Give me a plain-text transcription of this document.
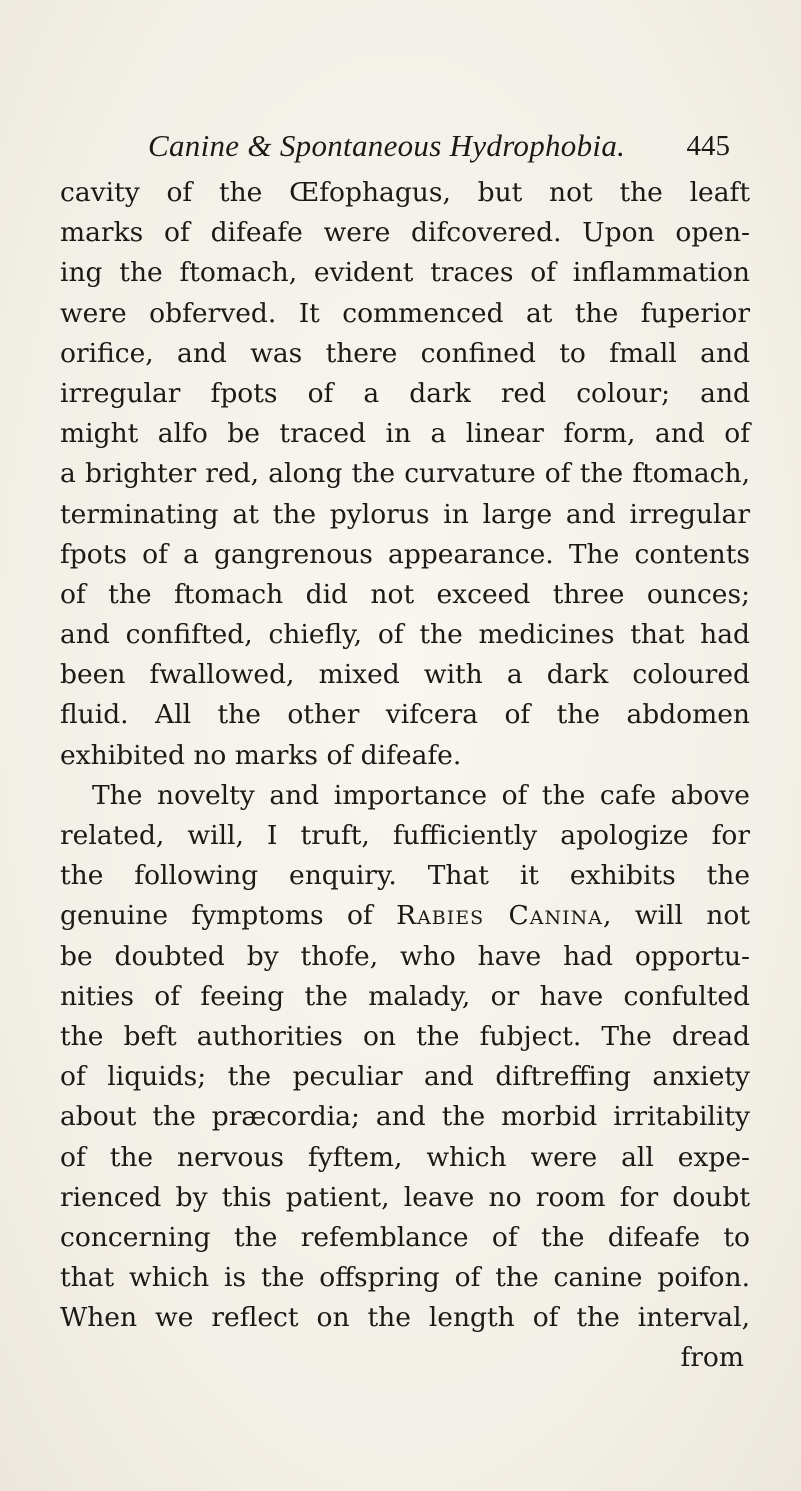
Canine & Spontaneous Hydrophobia. 445
cavity of the Œfophagus, but not the leaft
marks of difeafe were difcovered. Upon open-
ing the ftomach, evident traces of inflammation
were obferved. It commenced at the fuperior
orifice, and was there confined to fmall and
irregular fpots of a dark red colour; and
might alfo be traced in a linear form, and of
a brighter red, along the curvature of the ftomach,
terminating at the pylorus in large and irregular
fpots of a gangrenous appearance. The contents
of the ftomach did not exceed three ounces;
and confifted, chiefly, of the medicines that had
been fwallowed, mixed with a dark coloured
fluid. All the other vifcera of the abdomen
exhibited no marks of difeafe.
The novelty and importance of the cafe above
related, will, I truft, fufficiently apologize for
the following enquiry. That it exhibits the
genuine fymptoms of Rabies Canina, will not
be doubted by thofe, who have had opportu-
nities of feeing the malady, or have confulted
the beft authorities on the fubject. The dread
of liquids; the peculiar and diftreffing anxiety
about the præcordia; and the morbid irritability
of the nervous fyftem, which were all expe-
rienced by this patient, leave no room for doubt
concerning the refemblance of the difeafe to
that which is the offspring of the canine poifon.
When we reflect on the length of the interval,
from
